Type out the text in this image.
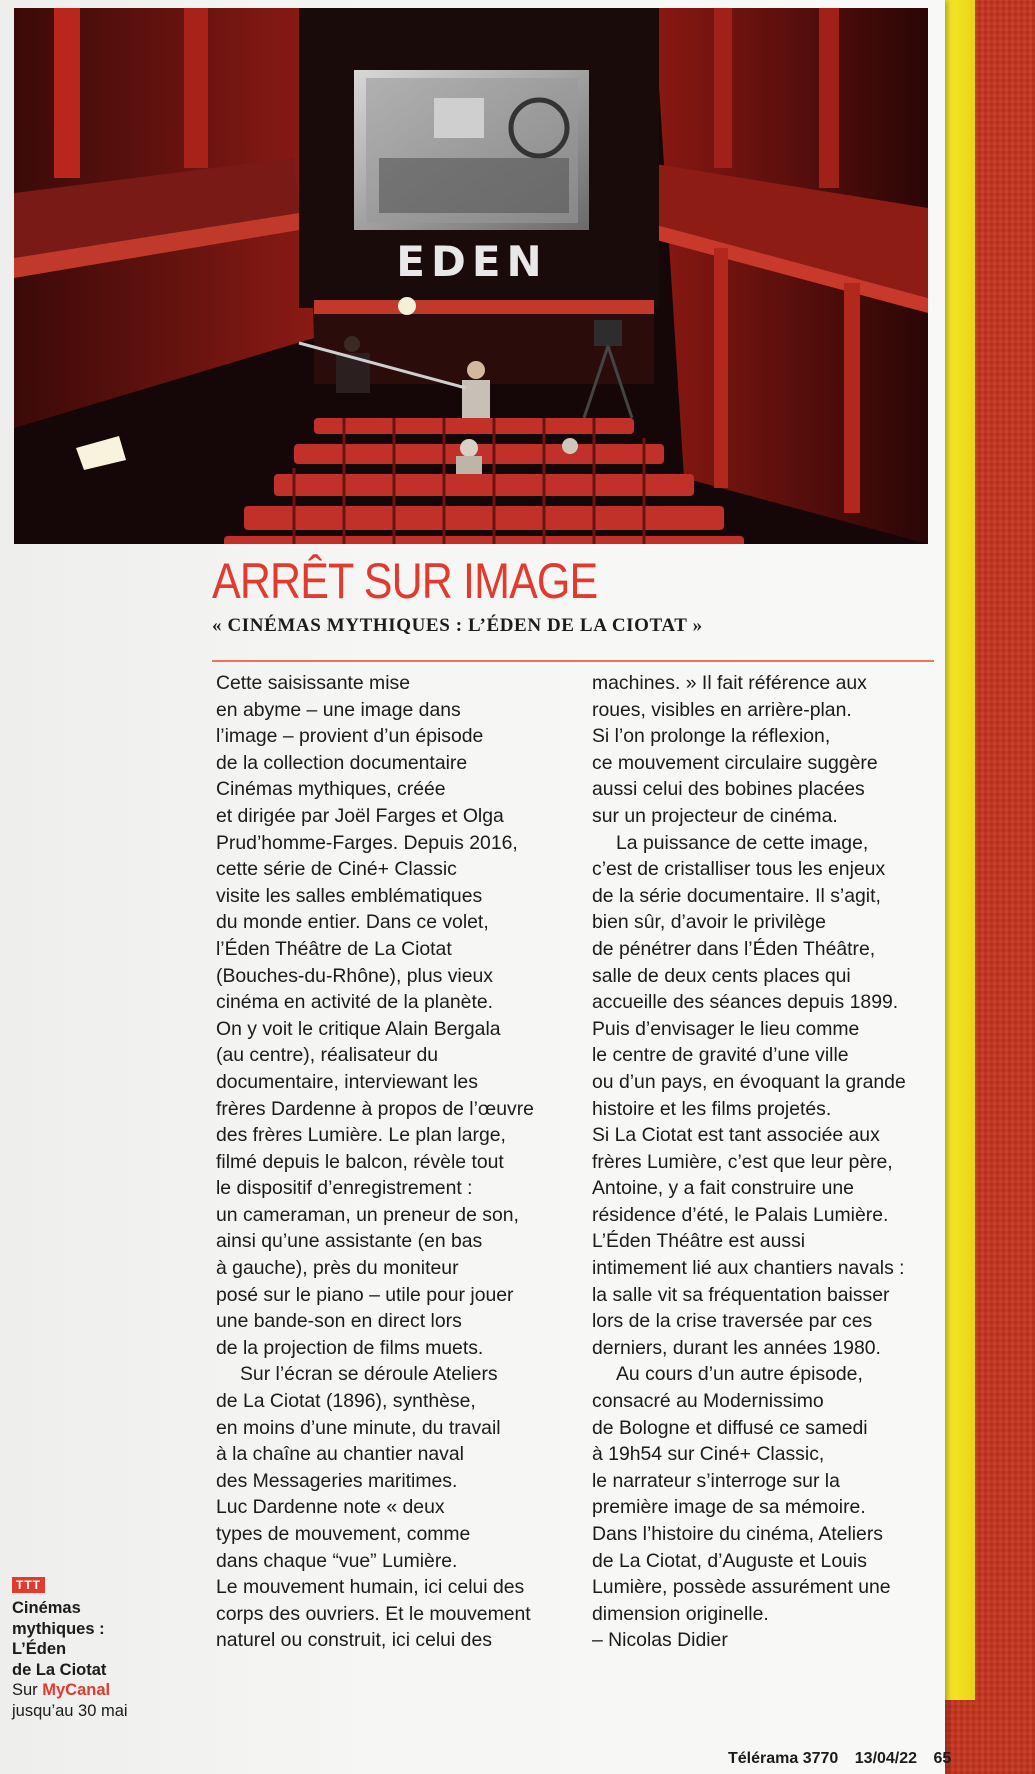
EDEN
ARRÊT SUR IMAGE
« CINÉMAS MYTHIQUES : L’ÉDEN DE LA CIOTAT »
Cette saisissante mise
en abyme – une image dans
l’image – provient d’un épisode
de la collection documentaire
Cinémas mythiques, créée
et dirigée par Joël Farges et Olga
Prud’homme-Farges. Depuis 2016,
cette série de Ciné+ Classic
visite les salles emblématiques
du monde entier. Dans ce volet,
l’Éden Théâtre de La Ciotat
(Bouches-du-Rhône), plus vieux
cinéma en activité de la planète.
On y voit le critique Alain Bergala
(au centre), réalisateur du
documentaire, interviewant les
frères Dardenne à propos de l’œuvre
des frères Lumière. Le plan large,
filmé depuis le balcon, révèle tout
le dispositif d’enregistrement :
un cameraman, un preneur de son,
ainsi qu’une assistante (en bas
à gauche), près du moniteur
posé sur le piano – utile pour jouer
une bande-son en direct lors
de la projection de films muets.
Sur l’écran se déroule Ateliers
de La Ciotat (1896), synthèse,
en moins d’une minute, du travail
à la chaîne au chantier naval
des Messageries maritimes.
Luc Dardenne note « deux
types de mouvement, comme
dans chaque “vue” Lumière.
Le mouvement humain, ici celui des
corps des ouvriers. Et le mouvement
naturel ou construit, ici celui des
machines. » Il fait référence aux
roues, visibles en arrière-plan.
Si l’on prolonge la réflexion,
ce mouvement circulaire suggère
aussi celui des bobines placées
sur un projecteur de cinéma.
La puissance de cette image,
c’est de cristalliser tous les enjeux
de la série documentaire. Il s’agit,
bien sûr, d’avoir le privilège
de pénétrer dans l’Éden Théâtre,
salle de deux cents places qui
accueille des séances depuis 1899.
Puis d’envisager le lieu comme
le centre de gravité d’une ville
ou d’un pays, en évoquant la grande
histoire et les films projetés.
Si La Ciotat est tant associée aux
frères Lumière, c’est que leur père,
Antoine, y a fait construire une
résidence d’été, le Palais Lumière.
L’Éden Théâtre est aussi
intimement lié aux chantiers navals :
la salle vit sa fréquentation baisser
lors de la crise traversée par ces
derniers, durant les années 1980.
Au cours d’un autre épisode,
consacré au Modernissimo
de Bologne et diffusé ce samedi
à 19h54 sur Ciné+ Classic,
le narrateur s’interroge sur la
première image de sa mémoire.
Dans l’histoire du cinéma, Ateliers
de La Ciotat, d’Auguste et Louis
Lumière, possède assurément une
dimension originelle.
– Nicolas Didier
TTT
Cinémas
mythiques :
L’Éden
de La Ciotat
Sur MyCanal
jusqu’au 30 mai
Télérama 3770 13/04/22 65
